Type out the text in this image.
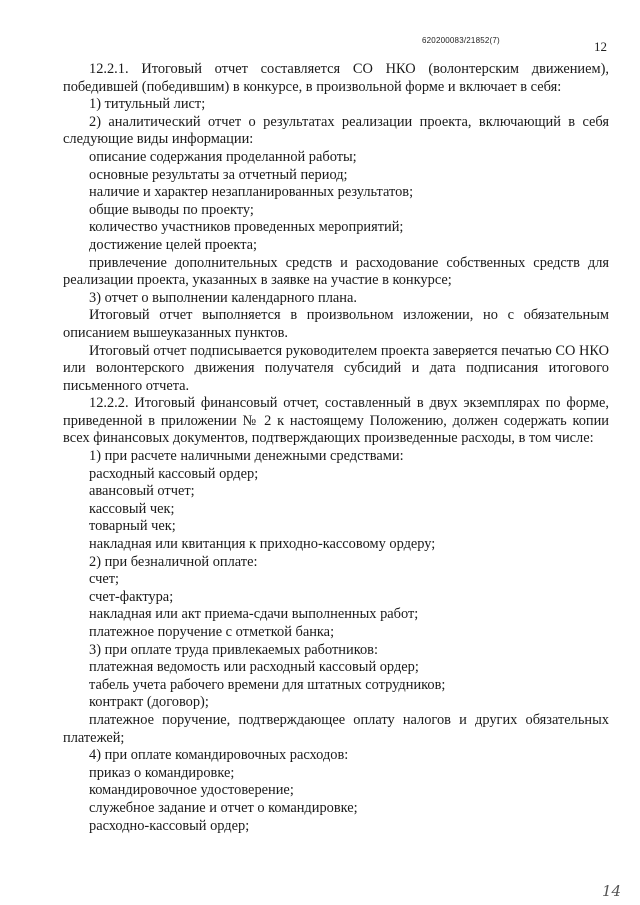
620200083/21852(7)	12

12.2.1. Итоговый отчет составляется СО НКО (волонтерским движением), победившей (победившим) в конкурсе, в произвольной форме и включает в себя:

1) титульный лист;

2) аналитический отчет о результатах реализации проекта, включающий в себя следующие виды информации:

описание содержания проделанной работы;

основные результаты за отчетный период;

наличие и характер незапланированных результатов;

общие выводы по проекту;

количество участников проведенных мероприятий;

достижение целей проекта;

привлечение дополнительных средств и расходование собственных средств для реализации проекта, указанных в заявке на участие в конкурсе;

3) отчет о выполнении календарного плана.

Итоговый отчет выполняется в произвольном изложении, но с обязательным описанием вышеуказанных пунктов.

Итоговый отчет подписывается руководителем проекта заверяется печатью СО НКО или волонтерского движения получателя субсидий и дата подписания итогового письменного отчета.

12.2.2. Итоговый финансовый отчет, составленный в двух экземплярах по форме, приведенной в приложении № 2 к настоящему Положению, должен содержать копии всех финансовых документов, подтверждающих произведенные расходы, в том числе:

1) при расчете наличными денежными средствами:

расходный кассовый ордер;

авансовый отчет;

кассовый чек;

товарный чек;

накладная или квитанция к приходно-кассовому ордеру;

2) при безналичной оплате:

счет;

счет-фактура;

накладная или акт приема-сдачи выполненных работ;

платежное поручение с отметкой банка;

3) при оплате труда привлекаемых работников:

платежная ведомость или расходный кассовый ордер;

табель учета рабочего времени для штатных сотрудников;

контракт (договор);

платежное поручение, подтверждающее оплату налогов и других обязательных платежей;

4) при оплате командировочных расходов:

приказ о командировке;

командировочное удостоверение;

служебное задание и отчет о командировке;

расходно-кассовый ордер;

14
